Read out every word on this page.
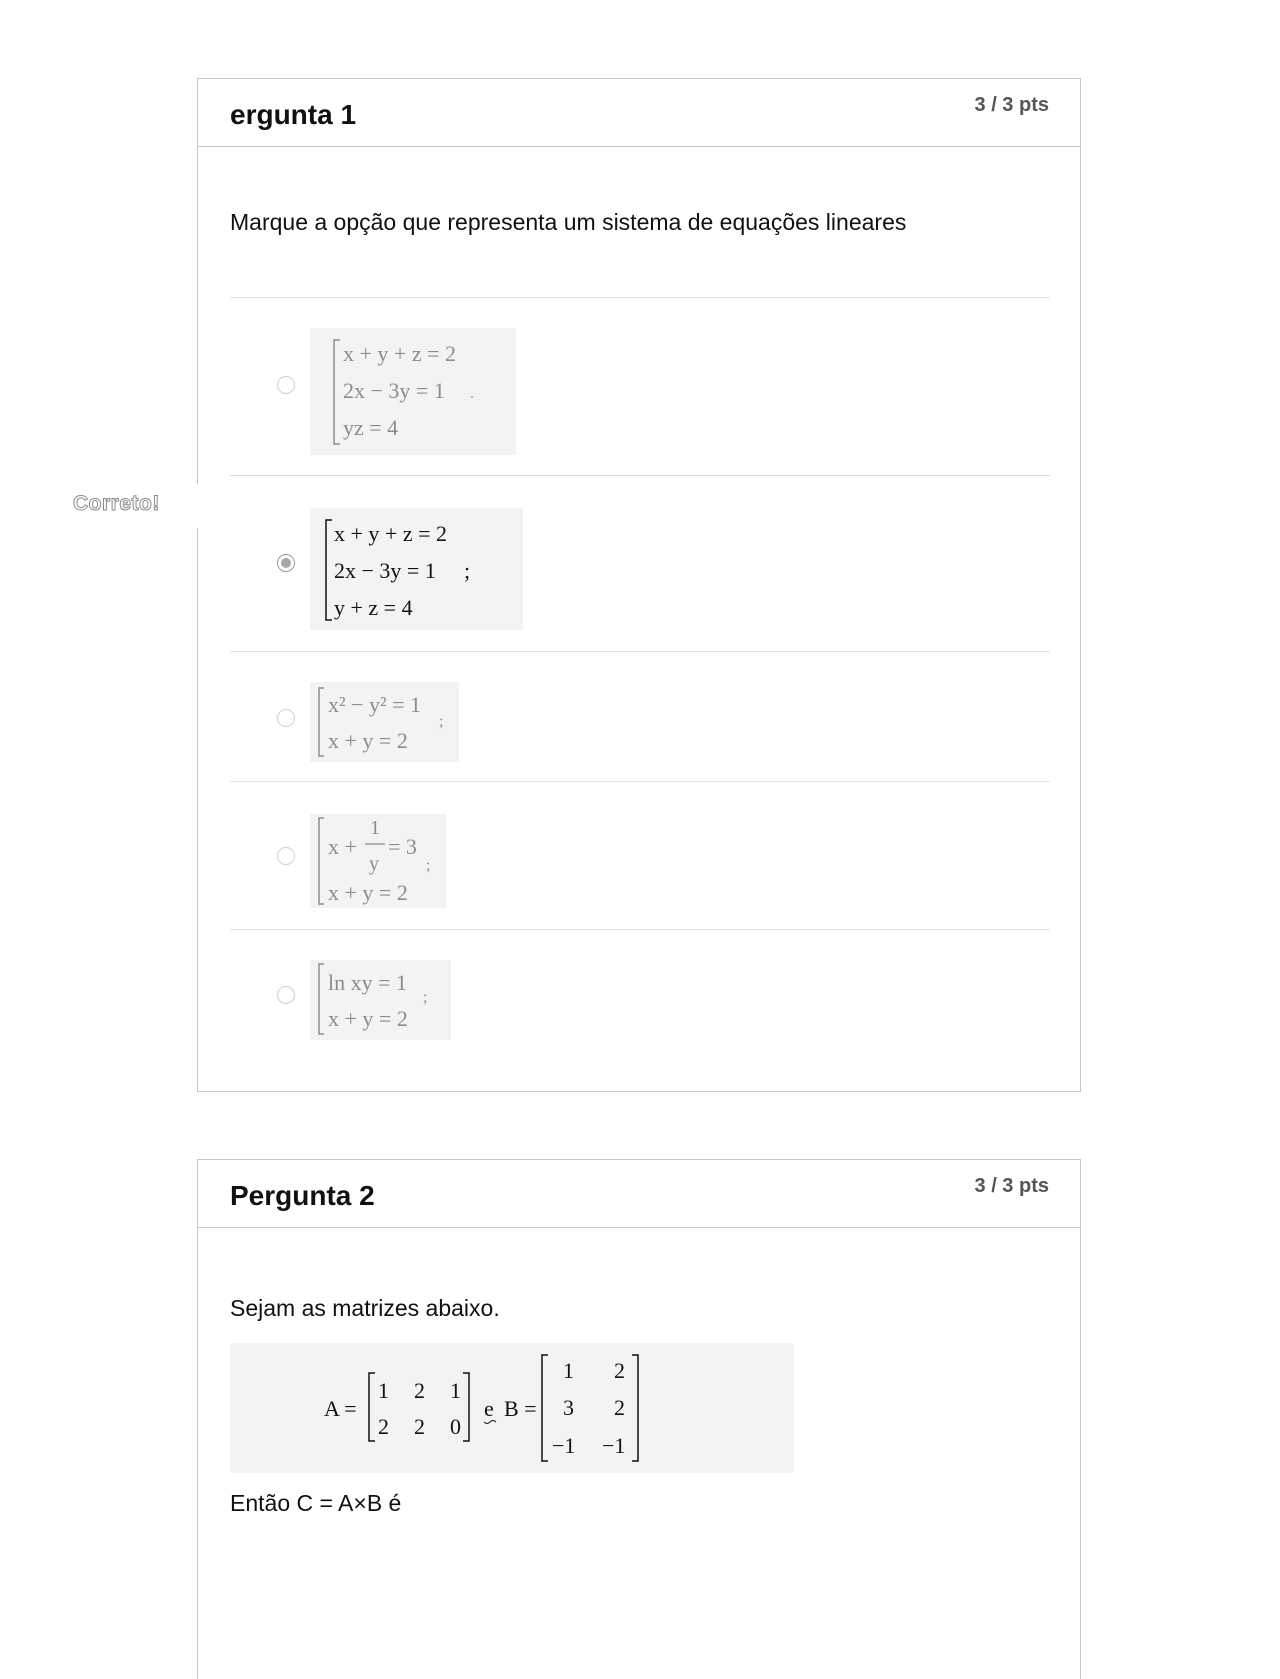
Correto!
ergunta 1	3 / 3 pts
Marque a opção que representa um sistema de equações lineares
x + y + z = 2
2x − 3y = 1
yz = 4
.
x + y + z = 2
2x − 3y = 1
y + z = 4
;
x² − y² = 1
x + y = 2
;
x + y = 2
;
x +
1
y
= 3
ln xy = 1
x + y = 2
;
Pergunta 2	3 / 3 pts
Sejam as matrizes abaixo.
A =
1 2 1
2 2 0
e B =
1 2
3 2
−1 −1
Então C = A×B é
